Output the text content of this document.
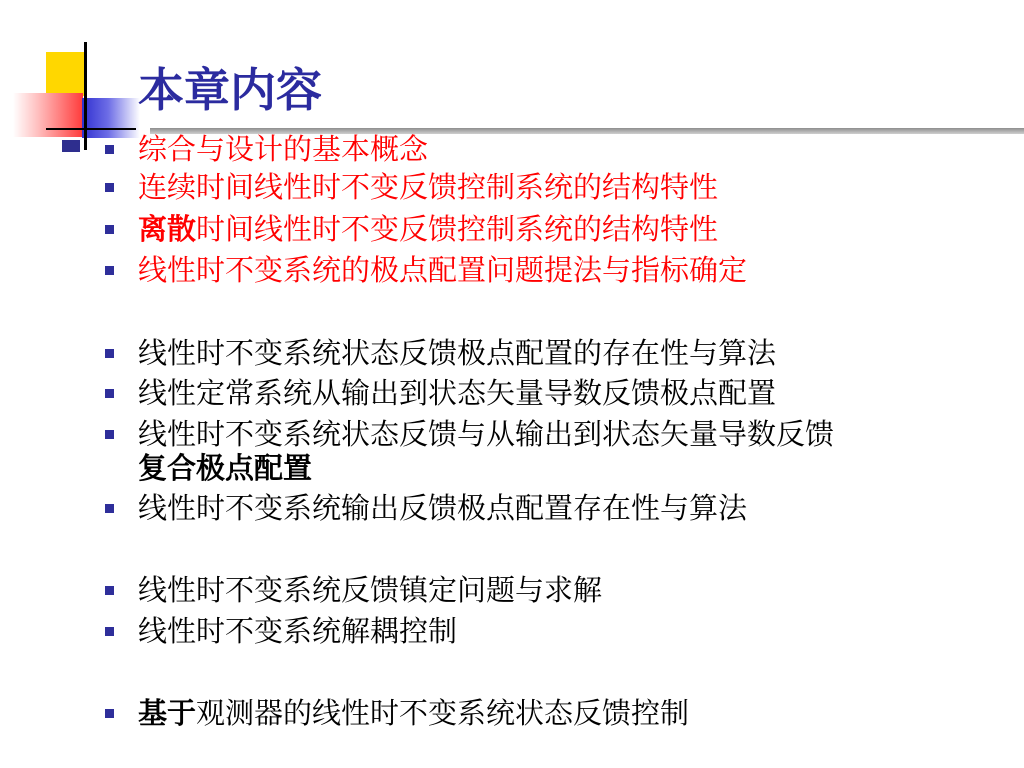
本章内容
综合与设计的基本概念
连续时间线性时不变反馈控制系统的结构特性
离散时间线性时不变反馈控制系统的结构特性
线性时不变系统的极点配置问题提法与指标确定
线性时不变系统状态反馈极点配置的存在性与算法
线性定常系统从输出到状态矢量导数反馈极点配置
线性时不变系统状态反馈与从输出到状态矢量导数反馈
复合极点配置
线性时不变系统输出反馈极点配置存在性与算法
线性时不变系统反馈镇定问题与求解
线性时不变系统解耦控制
基于观测器的线性时不变系统状态反馈控制
